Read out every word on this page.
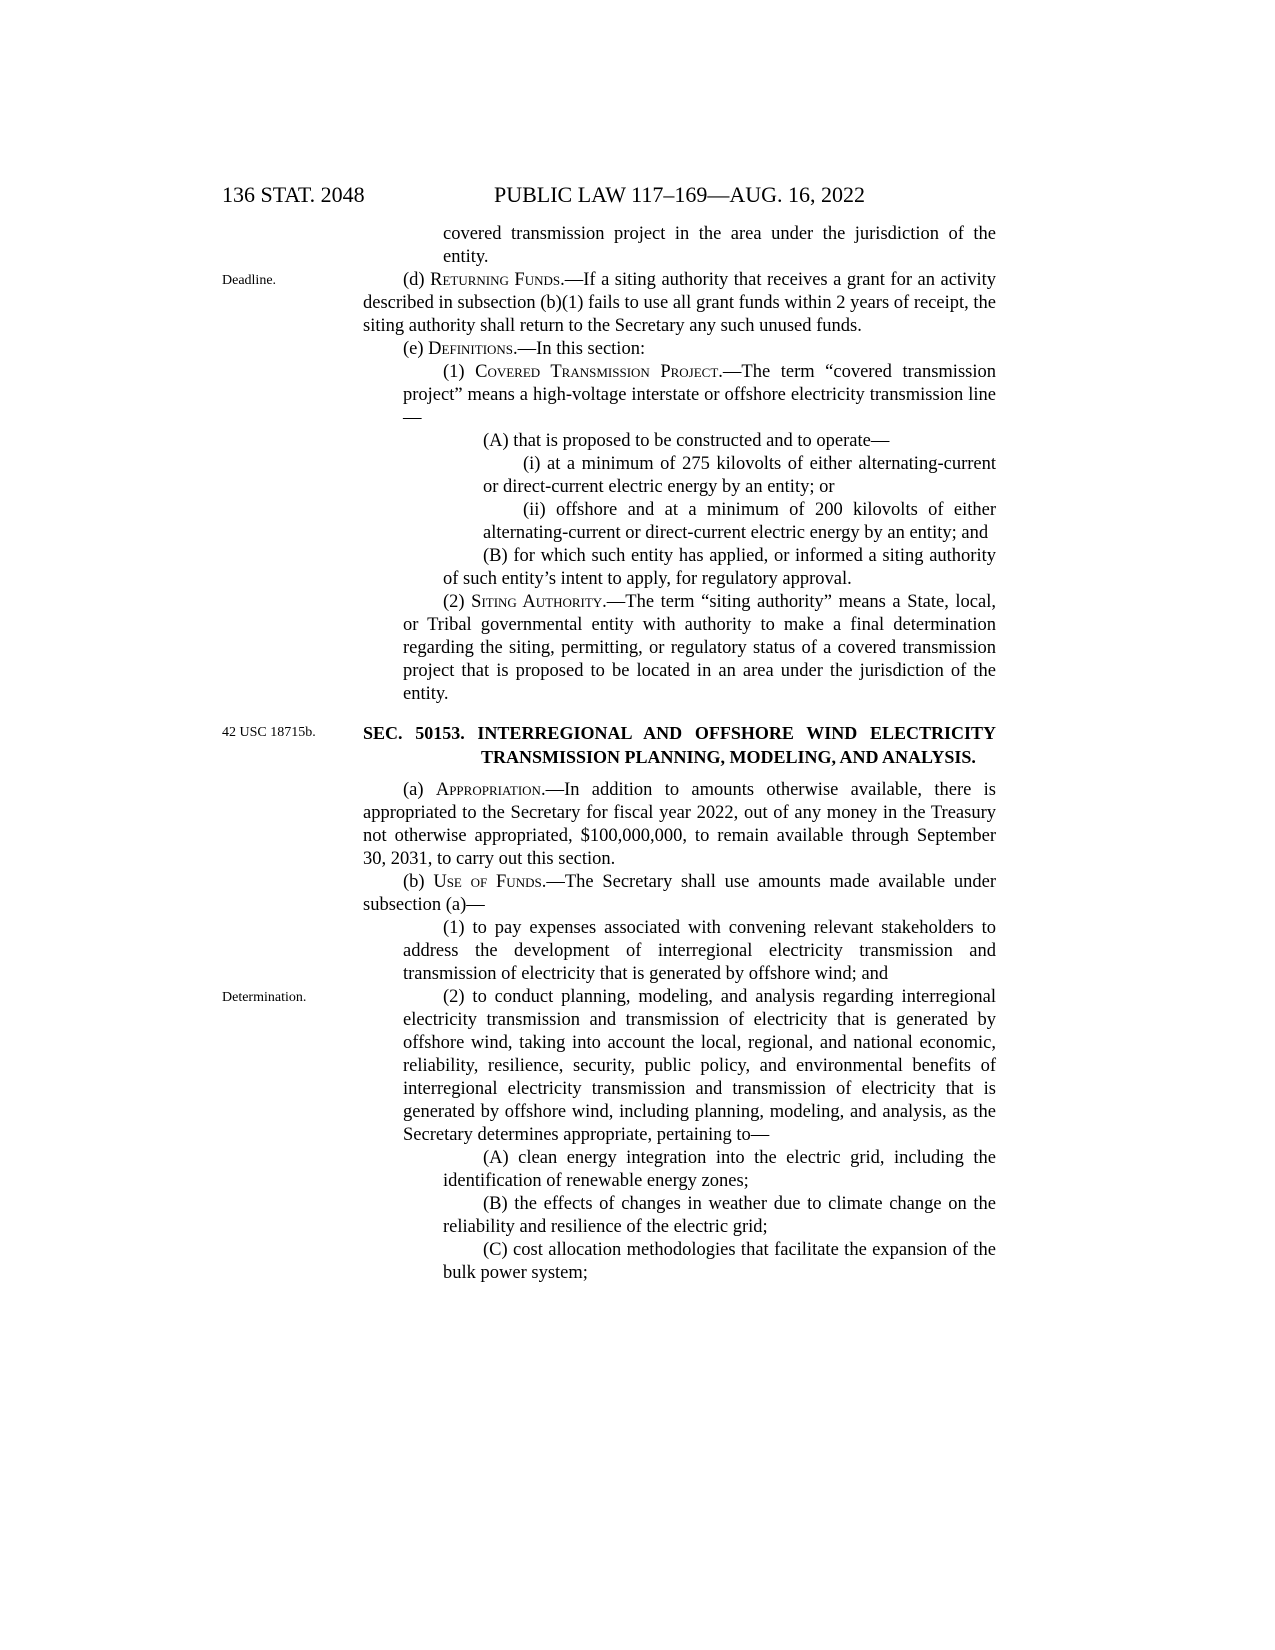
136 STAT. 2048	PUBLIC LAW 117–169—AUG. 16, 2022

covered transmission project in the area under the jurisdiction of the entity.

(d) Returning Funds.—If a siting authority that receives a grant for an activity described in subsection (b)(1) fails to use all grant funds within 2 years of receipt, the siting authority shall return to the Secretary any such unused funds.
Deadline.

(e) Definitions.—In this section:

(1) Covered Transmission Project.—The term “covered transmission project” means a high-voltage interstate or offshore electricity transmission line—

(A) that is proposed to be constructed and to operate—

(i) at a minimum of 275 kilovolts of either alternating-current or direct-current electric energy by an entity; or

(ii) offshore and at a minimum of 200 kilovolts of either alternating-current or direct-current electric energy by an entity; and

(B) for which such entity has applied, or informed a siting authority of such entity’s intent to apply, for regulatory approval.

(2) Siting Authority.—The term “siting authority” means a State, local, or Tribal governmental entity with authority to make a final determination regarding the siting, permitting, or regulatory status of a covered transmission project that is proposed to be located in an area under the jurisdiction of the entity.

SEC. 50153. INTERREGIONAL AND OFFSHORE WIND ELECTRICITY TRANSMISSION PLANNING, MODELING, AND ANALYSIS.
42 USC 18715b.

(a) Appropriation.—In addition to amounts otherwise available, there is appropriated to the Secretary for fiscal year 2022, out of any money in the Treasury not otherwise appropriated, $100,000,000, to remain available through September 30, 2031, to carry out this section.

(b) Use of Funds.—The Secretary shall use amounts made available under subsection (a)—

(1) to pay expenses associated with convening relevant stakeholders to address the development of interregional electricity transmission and transmission of electricity that is generated by offshore wind; and

(2) to conduct planning, modeling, and analysis regarding interregional electricity transmission and transmission of electricity that is generated by offshore wind, taking into account the local, regional, and national economic, reliability, resilience, security, public policy, and environmental benefits of interregional electricity transmission and transmission of electricity that is generated by offshore wind, including planning, modeling, and analysis, as the Secretary determines appropriate, pertaining to—
Determination.

(A) clean energy integration into the electric grid, including the identification of renewable energy zones;

(B) the effects of changes in weather due to climate change on the reliability and resilience of the electric grid;

(C) cost allocation methodologies that facilitate the expansion of the bulk power system;
